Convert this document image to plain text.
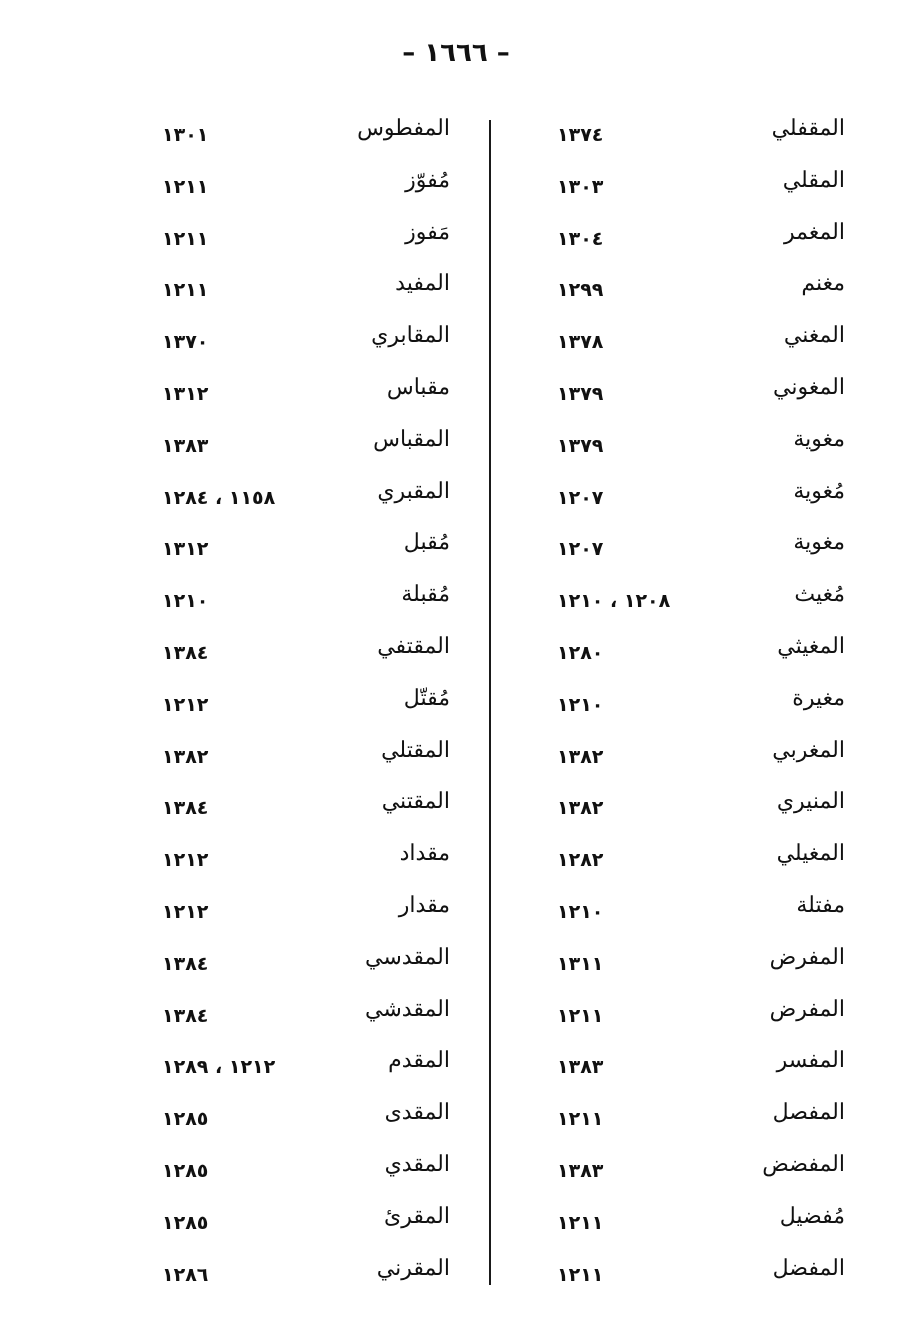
– ١٦٦٦ –
١٣٧٤	المقفلي
١٣٠٣	المقلي
١٣٠٤	المغمر
١٢٩٩	مغنم
١٣٧٨	المغني
١٣٧٩	المغوني
١٣٧٩	مغوية
١٢٠٧	مُغوية
١٢٠٧	مغوية
١٢٠٨ ، ١٢١٠	مُغيث
١٢٨٠	المغيثي
١٢١٠	مغيرة
١٣٨٢	المغربي
١٣٨٢	المنيري
١٢٨٢	المغيلي
١٢١٠	مفتلة
١٣١١	المفرض
١٢١١	المفرض
١٣٨٣	المفسر
١٢١١	المفصل
١٣٨٣	المفضض
١٢١١	مُفضيل
١٢١١	المفضل
١٣٠١	المفطوس
١٢١١	مُفوّز
١٢١١	مَفوز
١٢١١	المفيد
١٣٧٠	المقابري
١٣١٢	مقباس
١٣٨٣	المقباس
١١٥٨ ، ١٢٨٤	المقبري
١٣١٢	مُقبل
١٢١٠	مُقبلة
١٣٨٤	المقتفي
١٢١٢	مُقتّل
١٣٨٢	المقتلي
١٣٨٤	المقتني
١٢١٢	مقداد
١٢١٢	مقدار
١٣٨٤	المقدسي
١٣٨٤	المقدشي
١٢١٢ ، ١٢٨٩	المقدم
١٢٨٥	المقدى
١٢٨٥	المقدي
١٢٨٥	المقرئ
١٢٨٦	المقرني
